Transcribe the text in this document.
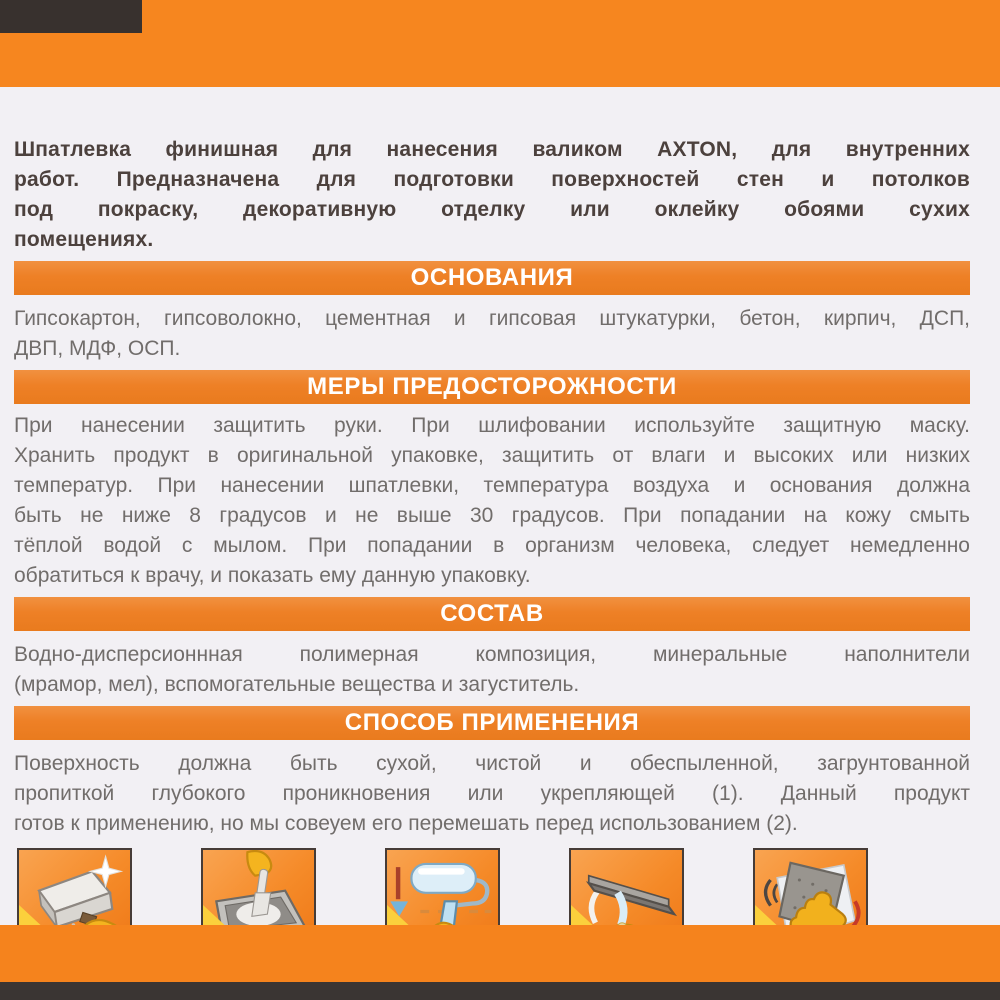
Шпатлевка финишная для нанесения валиком AXTON, для внутренних
работ. Предназначена для подготовки поверхностей стен и потолков
под покраску, декоративную отделку или оклейку обоями сухих
помещениях.

ОСНОВАНИЯ

Гипсокартон, гипсоволокно, цементная и гипсовая штукатурки, бетон, кирпич, ДСП,
ДВП, МДФ, ОСП.

МЕРЫ ПРЕДОСТОРОЖНОСТИ

При нанесении защитить руки. При шлифовании используйте защитную маску.
Хранить продукт в оригинальной упаковке, защитить от влаги и высоких или низких
температур. При нанесении шпатлевки, температура воздуха и основания должна
быть не ниже 8 градусов и не выше 30 градусов. При попадании на кожу смыть
тёплой водой с мылом. При попадании в организм человека, следует немедленно
обратиться к врачу, и показать ему данную упаковку.

СОСТАВ

Водно-дисперсионнная полимерная композиция, минеральные наполнители
(мрамор, мел), вспомогательные вещества и загуститель.

СПОСОБ ПРИМЕНЕНИЯ

Поверхность должна быть сухой, чистой и обеспыленной, загрунтованной
пропиткой глубокого проникновения или укрепляющей (1). Данный продукт
готов к применению, но мы совеуем его перемешать перед использованием (2).
